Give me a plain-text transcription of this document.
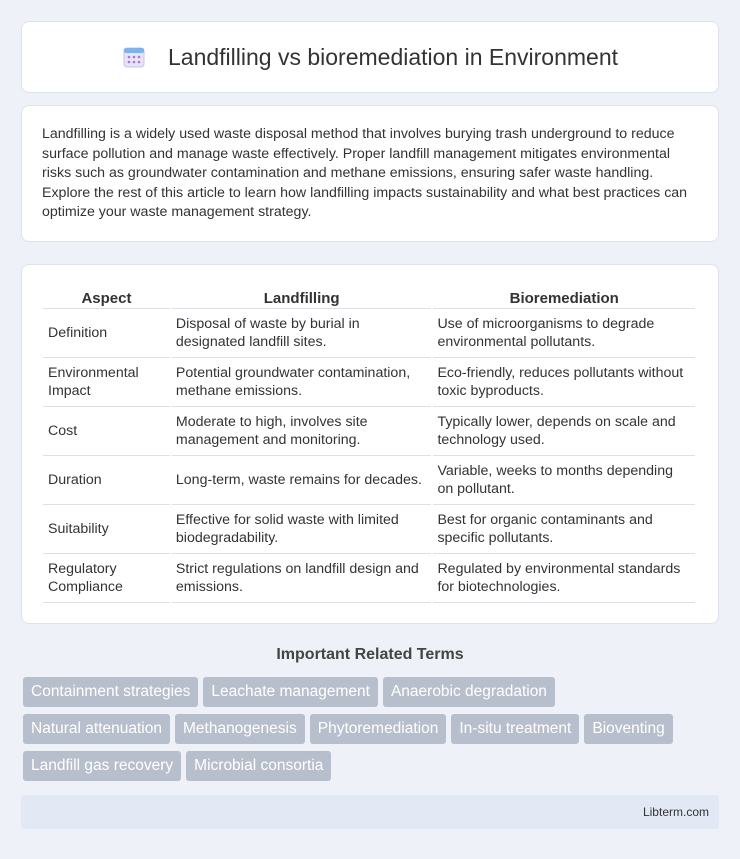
Landfilling vs bioremediation in Environment

Landfilling is a widely used waste disposal method that involves burying trash underground to reduce surface pollution and manage waste effectively. Proper landfill management mitigates environmental risks such as groundwater contamination and methane emissions, ensuring safer waste handling. Explore the rest of this article to learn how landfilling impacts sustainability and what best practices can optimize your waste management strategy.

Aspect	Landfilling	Bioremediation
Definition	Disposal of waste by burial in designated landfill sites.	Use of microorganisms to degrade environmental pollutants.
Environmental Impact	Potential groundwater contamination, methane emissions.	Eco-friendly, reduces pollutants without toxic byproducts.
Cost	Moderate to high, involves site management and monitoring.	Typically lower, depends on scale and technology used.
Duration	Long-term, waste remains for decades.	Variable, weeks to months depending on pollutant.
Suitability	Effective for solid waste with limited biodegradability.	Best for organic contaminants and specific pollutants.
Regulatory Compliance	Strict regulations on landfill design and emissions.	Regulated by environmental standards for biotechnologies.
Important Related Terms
Containment strategies Leachate management Anaerobic degradation
Natural attenuation Methanogenesis Phytoremediation In-situ treatment Bioventing
Landfill gas recovery Microbial consortia
Libterm.com
